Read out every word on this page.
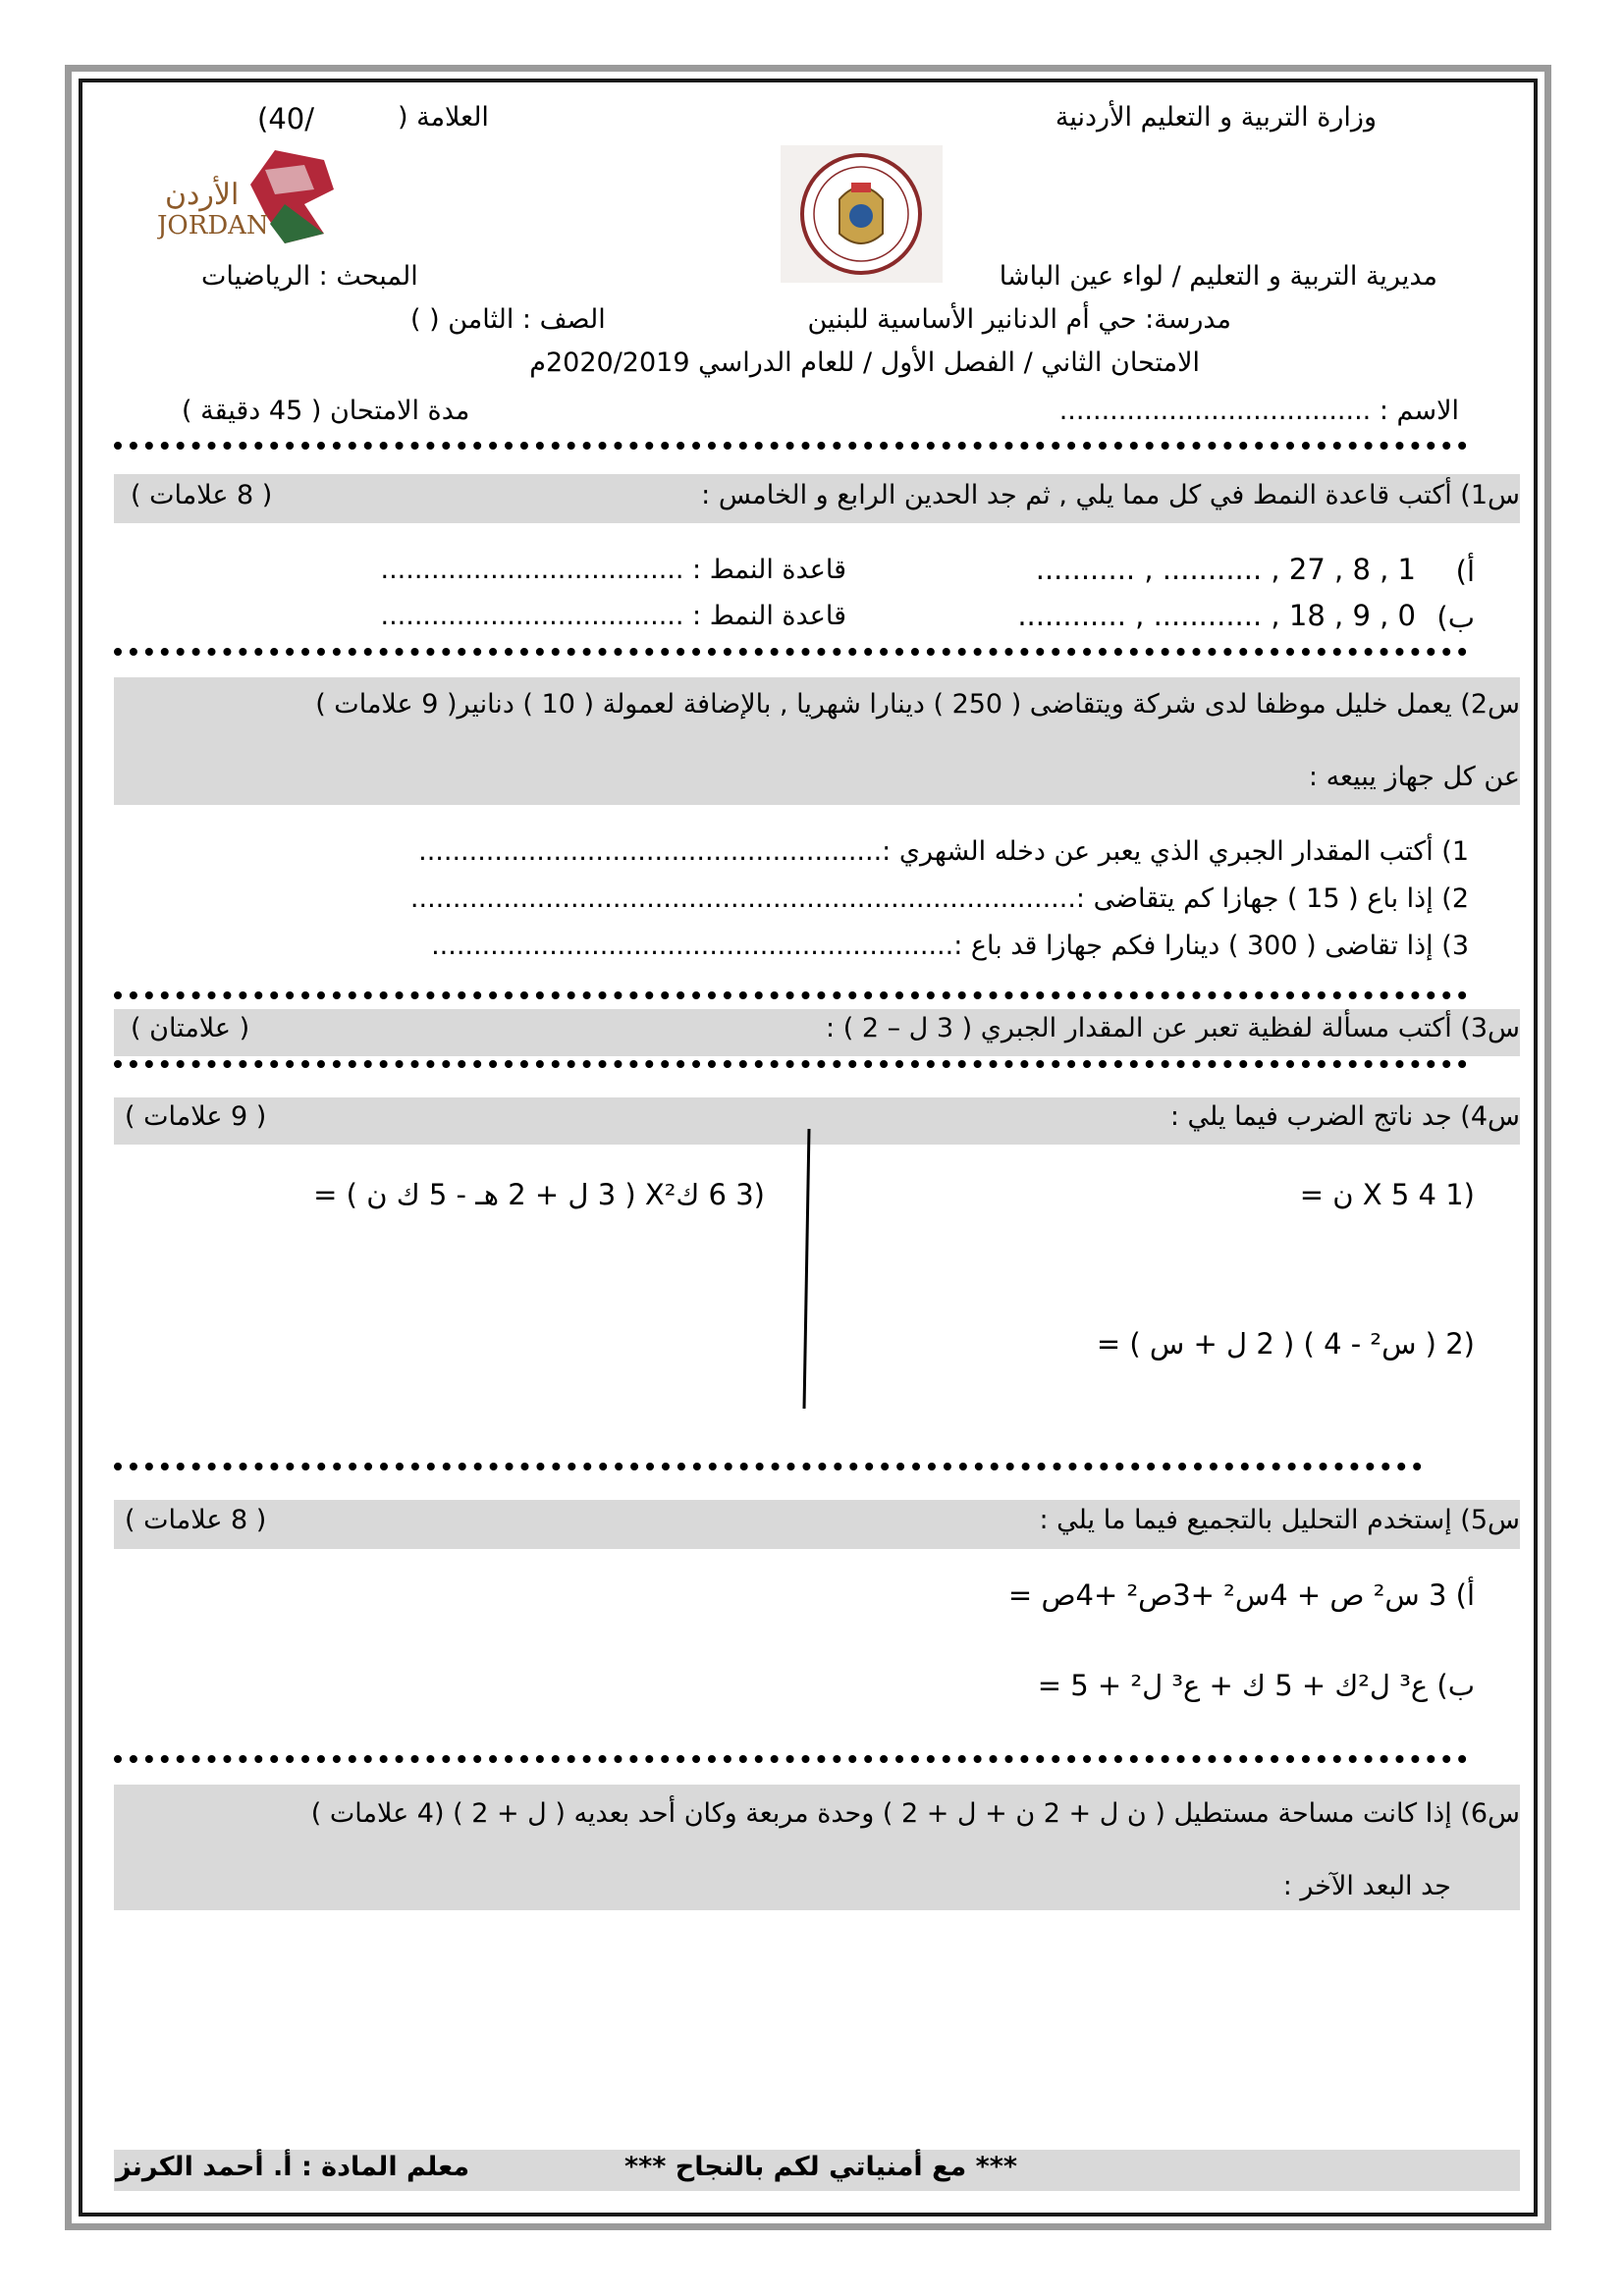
وزارة التربية و التعليم الأردنية
العلامة (
(40/
الأردن
JORDAN
مديرية التربية و التعليم / لواء عين الباشا
المبحث : الرياضيات
مدرسة: حي أم الدنانير الأساسية للبنين
الصف : الثامن ( )
الامتحان الثاني / الفصل الأول / للعام الدراسي 2020/2019م
الاسم : .....................................
مدة الامتحان ( 45 دقيقة )
س1) أكتب قاعدة النمط في كل مما يلي , ثم جد الحدين الرابع و الخامس :
( 8 علامات )
أ)
1 , 8 , 27 , ........... , ...........
قاعدة النمط : ....................................
ب)
0 , 9 , 18 , ............ , ............
قاعدة النمط : ....................................
س2) يعمل خليل موظفا لدى شركة ويتقاضى ( 250 ) دينارا شهريا , بالإضافة لعمولة ( 10 ) دنانير( 9 علامات )
عن كل جهاز يبيعه :
1) أكتب المقدار الجبري الذي يعبر عن دخله الشهري :.......................................................
2) إذا باع ( 15 ) جهازا كم يتقاضى :...............................................................................
3) إذا تقاضى ( 300 ) دينارا فكم جهازا قد باع :..............................................................
س3) أكتب مسألة لفظية تعبر عن المقدار الجبري ( 3 ل – 2 ) :
( علامتان )
س4) جد ناتج الضرب فيما يلي :
( 9 علامات )
(1 4 X 5 ن =
(2 ( س² - 4 ) ( 2 ل + س ) =
(3 6 كX² ( 3 ل + 2 هـ - 5 ك ن ) =
س5) إستخدم التحليل بالتجميع فيما ما يلي :
( 8 علامات )
أ) 3 س² ص + 4س² +3ص² +4ص =
ب) ع³ ل²ك + 5 ك + ع³ ل² + 5 =
س6) إذا كانت مساحة مستطيل ( ن ل + 2 ن + ل + 2 ) وحدة مربعة وكان أحد بعديه ( ل + 2 ) (4 علامات )
جد البعد الآخر :
*** مع أمنياتي لكم بالنجاح ***
معلم المادة : أ. أحمد الكرنز
